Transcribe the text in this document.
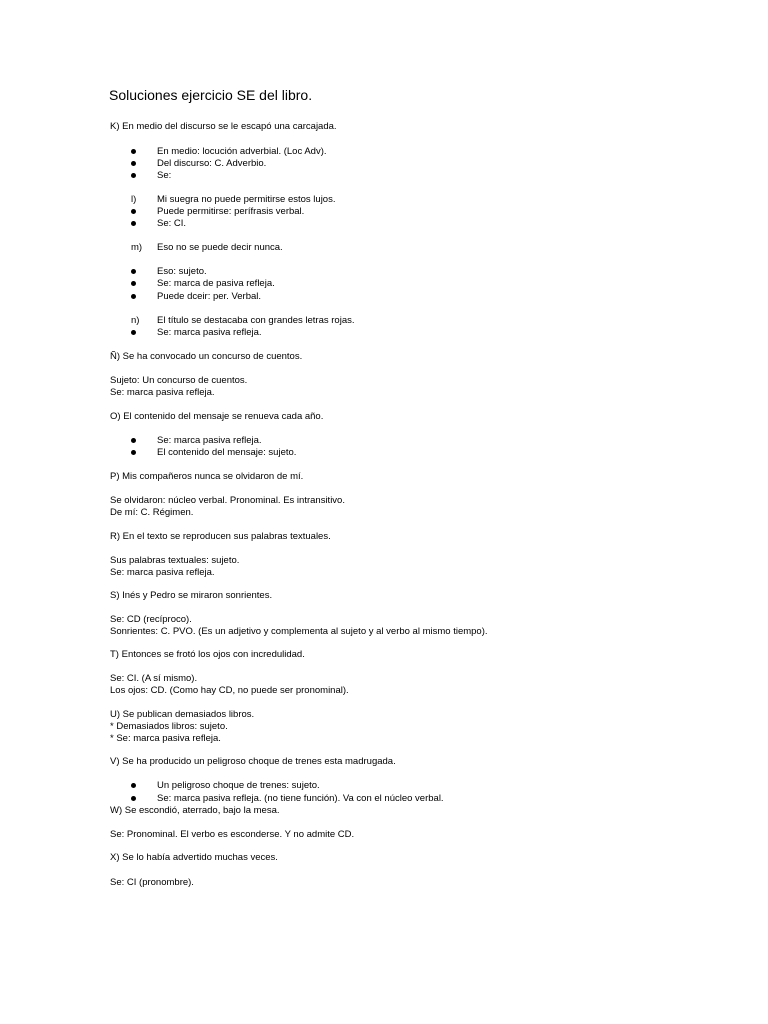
Soluciones ejercicio SE del libro.
K) En medio del discurso se le escapó una carcajada.
En medio: locución adverbial. (Loc Adv).
Del discurso: C. Adverbio.
Se:
l) Mi suegra no puede permitirse estos lujos.
Puede permitirse: perífrasis verbal.
Se: CI.
m) Eso no se puede decir nunca.
Eso: sujeto.
Se: marca de pasiva refleja.
Puede dceir: per. Verbal.
n) El título se destacaba con grandes letras rojas.
Se: marca pasiva refleja.
Ñ) Se ha convocado un concurso de cuentos.
Sujeto: Un concurso de cuentos.
Se: marca pasiva refleja.
O) El contenido del mensaje se renueva cada año.
Se: marca pasiva refleja.
El contenido del mensaje: sujeto.
P) Mis compañeros nunca se olvidaron de mí.
Se olvidaron: núcleo verbal. Pronominal. Es intransitivo.
De mí: C. Régimen.
R) En el texto se reproducen sus palabras textuales.
Sus palabras textuales: sujeto.
Se: marca pasiva refleja.
S) Inés y Pedro se miraron sonrientes.
Se: CD (recíproco).
Sonrientes: C. PVO. (Es un adjetivo y complementa al sujeto y al verbo al mismo tiempo).
T) Entonces se frotó los ojos con incredulidad.
Se: CI. (A sí mismo).
Los ojos: CD. (Como hay CD, no puede ser pronominal).
U) Se publican demasiados libros.
* Demasiados libros: sujeto.
* Se: marca pasiva refleja.
V) Se ha producido un peligroso choque de trenes esta madrugada.
Un peligroso choque de trenes: sujeto.
Se: marca pasiva refleja. (no tiene función). Va con el núcleo verbal.
W) Se escondió, aterrado, bajo la mesa.
Se: Pronominal. El verbo es esconderse. Y no admite CD.
X) Se lo había advertido muchas veces.
Se: CI (pronombre).
